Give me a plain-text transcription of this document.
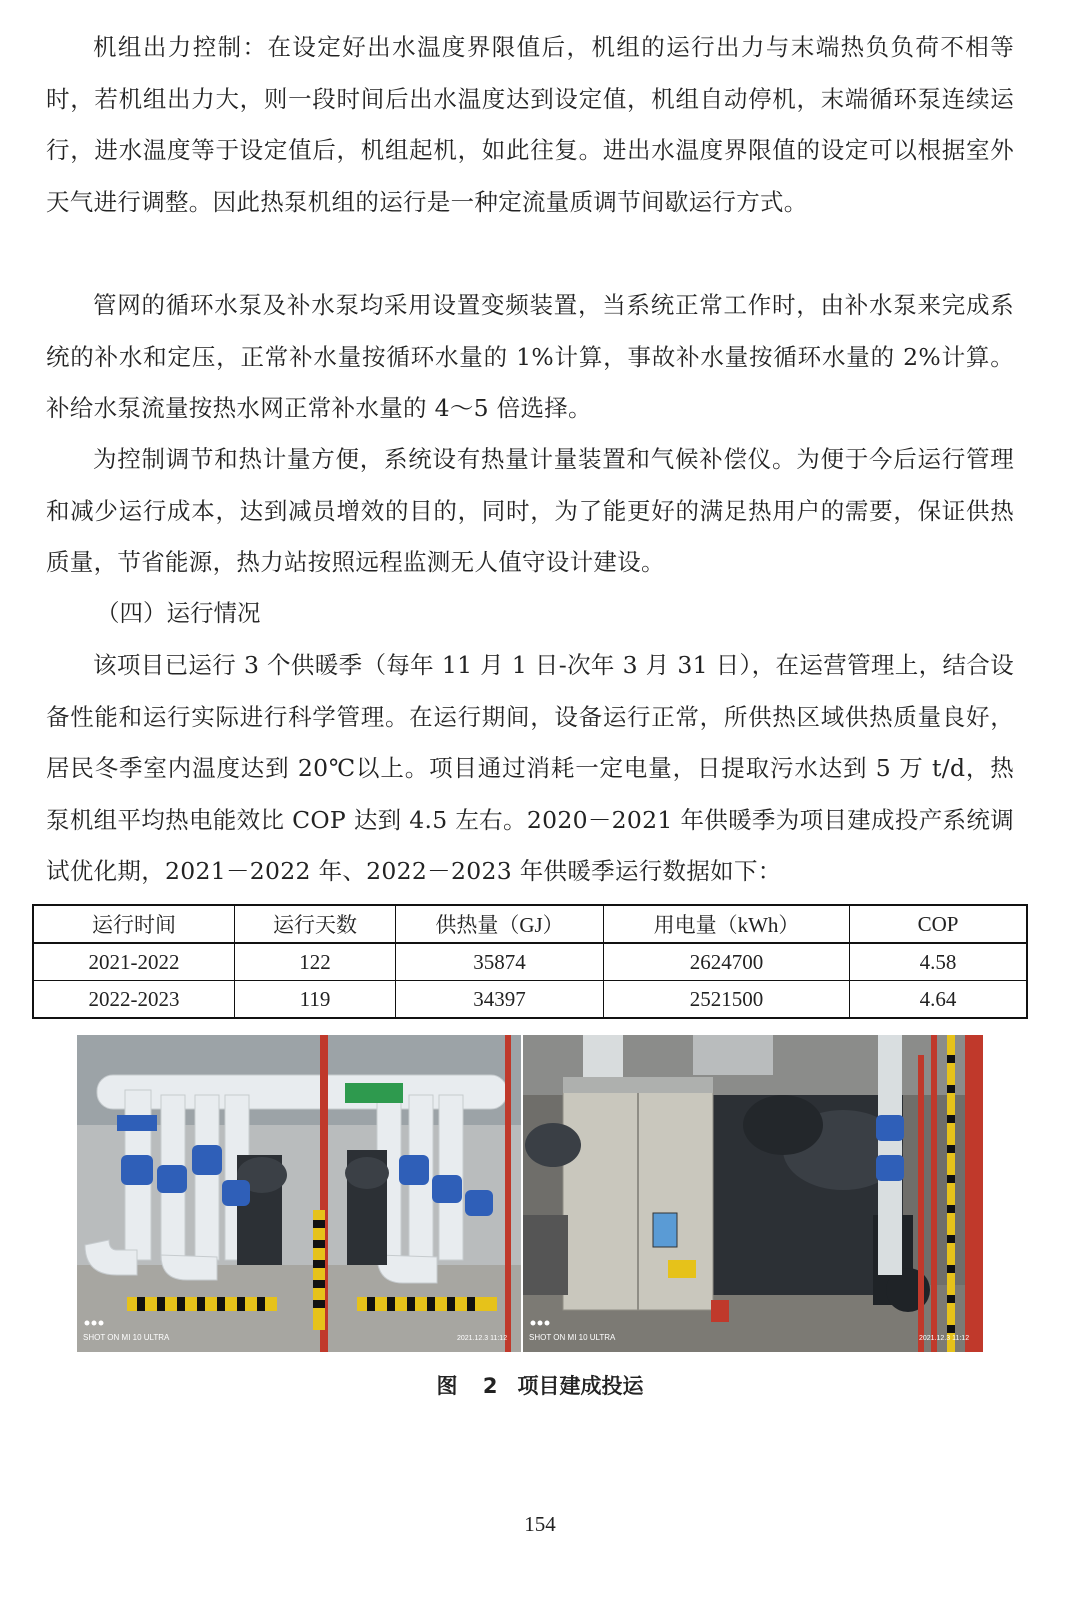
机组出力控制：在设定好出水温度界限值后，机组的运行出力与末端热负负荷不相等时，若机组出力大，则一段时间后出水温度达到设定值，机组自动停机，末端循环泵连续运行，进水温度等于设定值后，机组起机，如此往复。进出水温度界限值的设定可以根据室外天气进行调整。因此热泵机组的运行是一种定流量质调节间歇运行方式。

管网的循环水泵及补水泵均采用设置变频装置，当系统正常工作时，由补水泵来完成系统的补水和定压，正常补水量按循环水量的 1%计算，事故补水量按循环水量的 2%计算。补给水泵流量按热水网正常补水量的 4～5 倍选择。

为控制调节和热计量方便，系统设有热量计量装置和气候补偿仪。为便于今后运行管理和减少运行成本，达到减员增效的目的，同时，为了能更好的满足热用户的需要，保证供热质量，节省能源，热力站按照远程监测无人值守设计建设。

（四）运行情况

该项目已运行 3 个供暖季（每年 11 月 1 日-次年 3 月 31 日），在运营管理上，结合设备性能和运行实际进行科学管理。在运行期间，设备运行正常，所供热区域供热质量良好，居民冬季室内温度达到 20℃以上。项目通过消耗一定电量，日提取污水达到 5 万 t/d，热泵机组平均热电能效比 COP 达到 4.5 左右。2020－2021 年供暖季为项目建成投产系统调试优化期，2021－2022 年、2022－2023 年供暖季运行数据如下：

运行时间	运行天数	供热量（GJ）	用电量（kWh）	COP
2021-2022	122	35874	2624700	4.58
2022-2023	119	34397	2521500	4.64
SHOT ON MI 10 ULTRA	2021.12.3 11:12	SHOT ON MI 10 ULTRA	2021.12.3 11:12
图 2 项目建成投运
154
